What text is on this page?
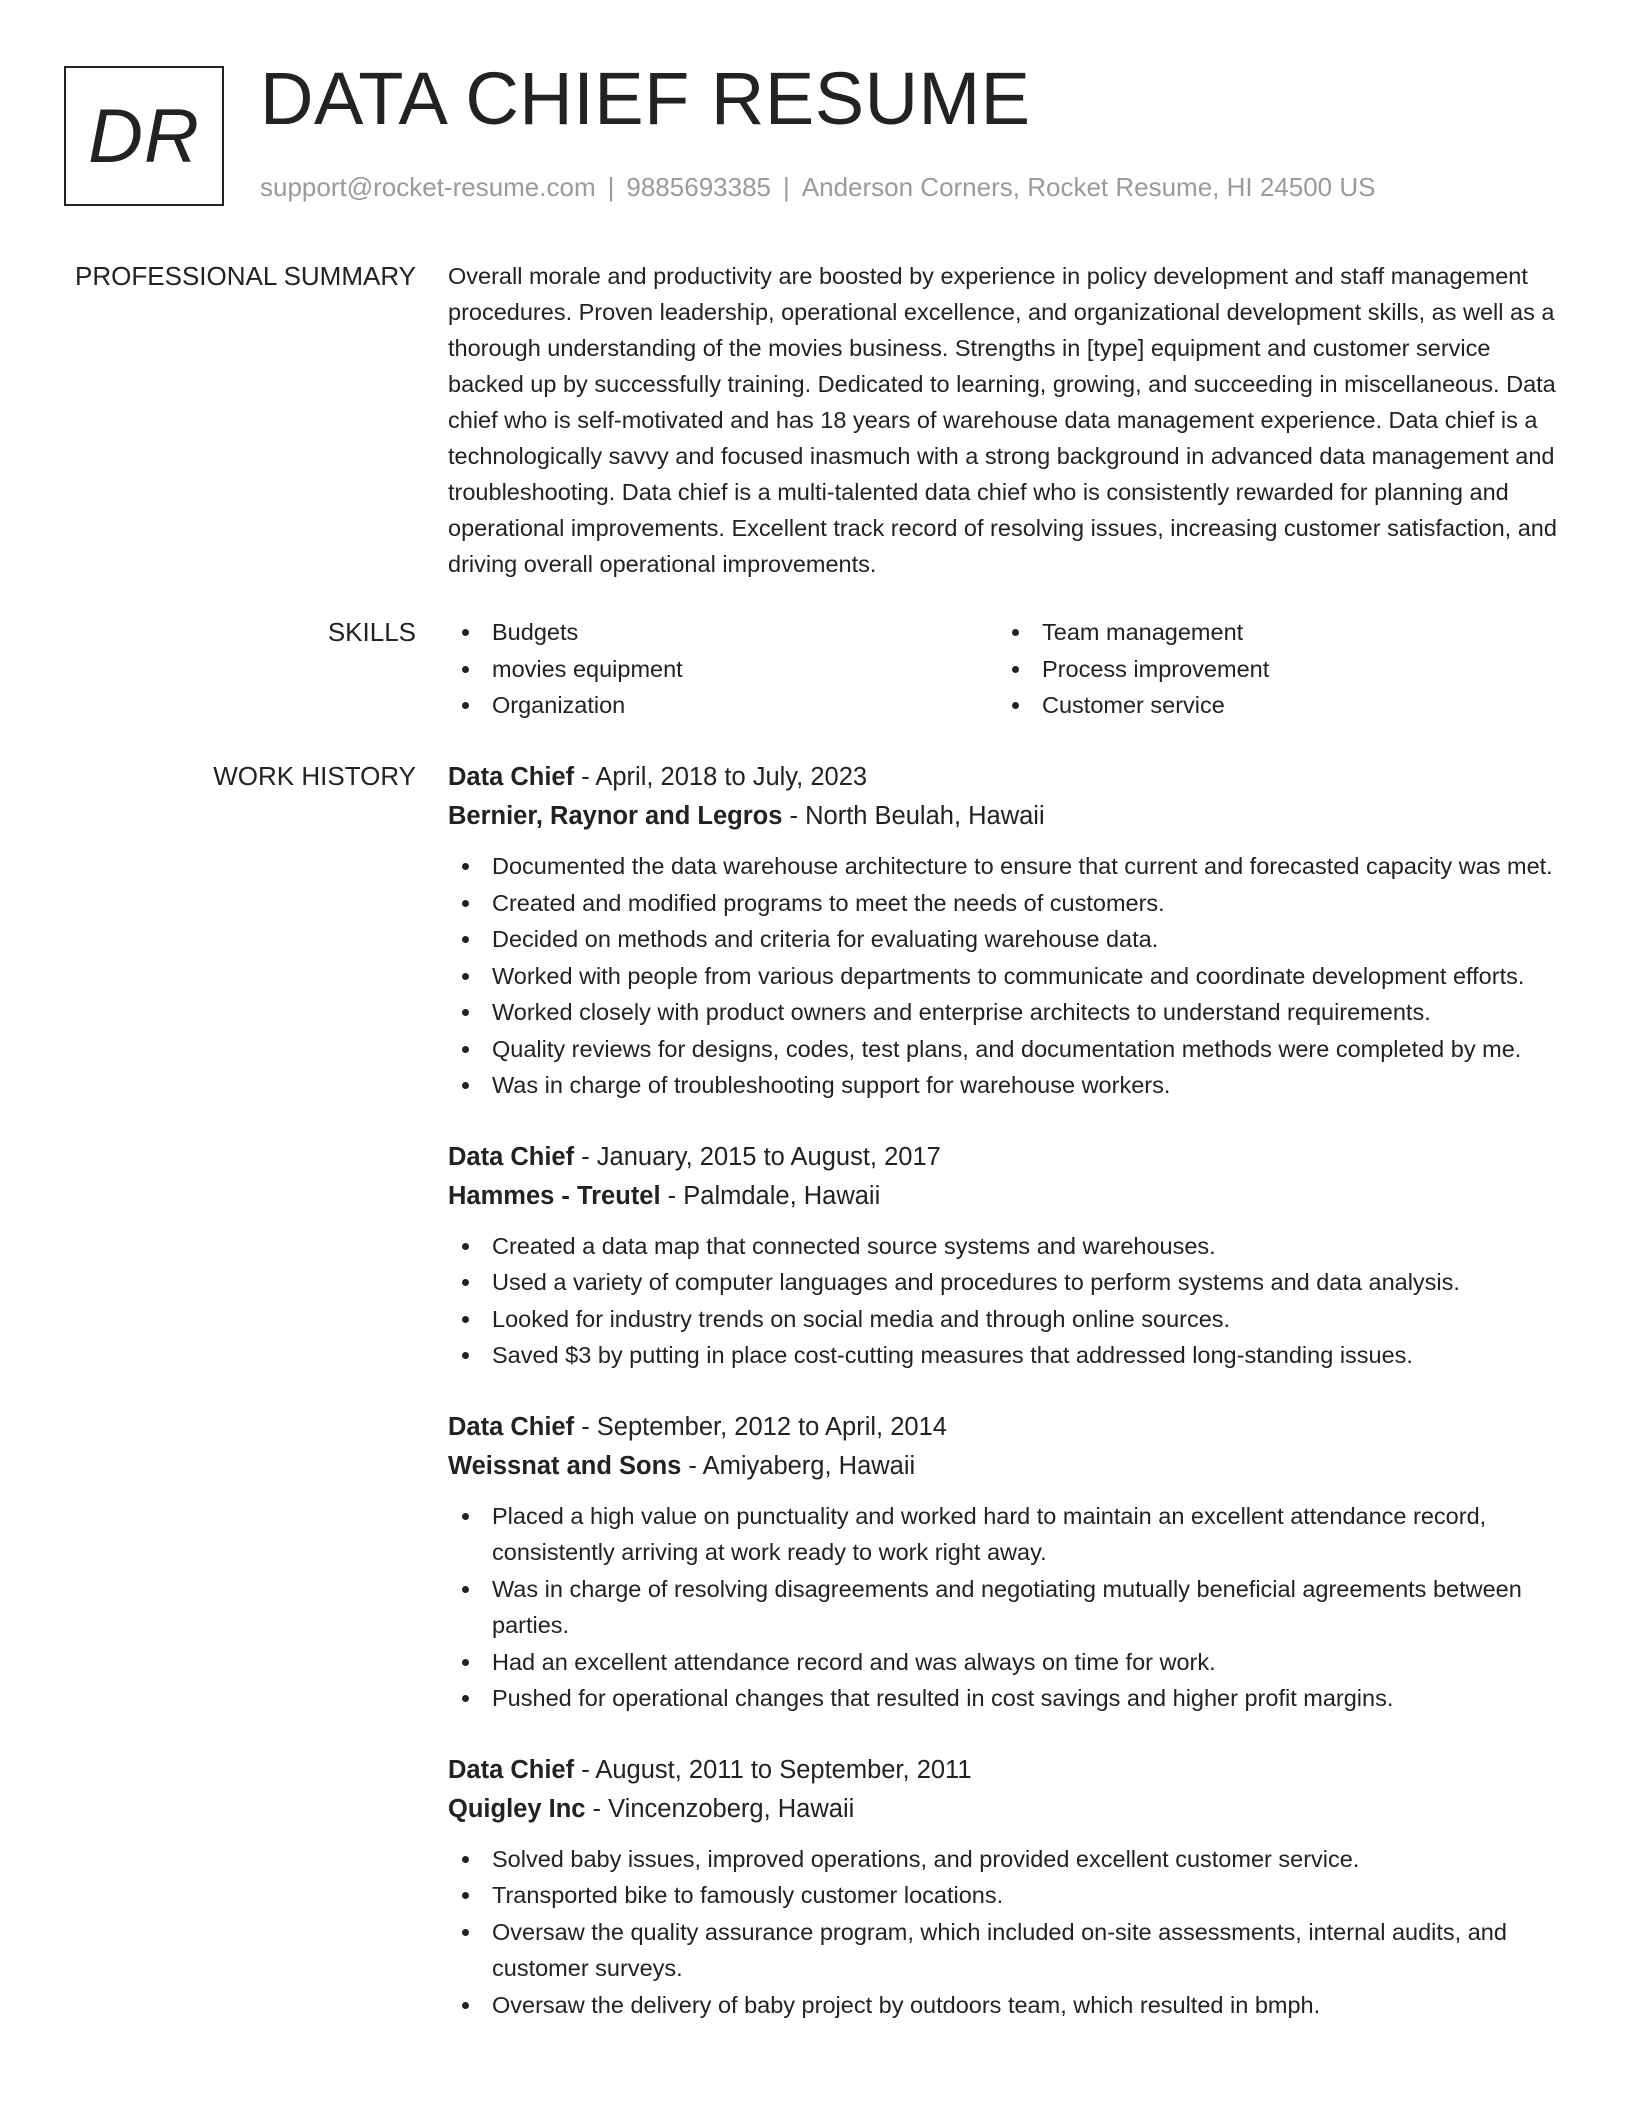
DR DATA CHIEF RESUME
support@rocket-resume.com | 9885693385 | Anderson Corners, Rocket Resume, HI 24500 US
PROFESSIONAL SUMMARY Overall morale and productivity are boosted by experience in policy development and staff management procedures. Proven leadership, operational excellence, and organizational development skills, as well as a thorough understanding of the movies business. Strengths in [type] equipment and customer service backed up by successfully training. Dedicated to learning, growing, and succeeding in miscellaneous. Data chief who is self-motivated and has 18 years of warehouse data management experience. Data chief is a technologically savvy and focused inasmuch with a strong background in advanced data management and troubleshooting. Data chief is a multi-talented data chief who is consistently rewarded for planning and operational improvements. Excellent track record of resolving issues, increasing customer satisfaction, and driving overall operational improvements.

SKILLS	Budgets
movies equipment
Organization
Team management
Process improvement
Customer service
WORK HISTORY Data Chief - April, 2018 to July, 2023
Bernier, Raynor and Legros - North Beulah, Hawaii
Documented the data warehouse architecture to ensure that current and forecasted capacity was met.
Created and modified programs to meet the needs of customers.
Decided on methods and criteria for evaluating warehouse data.
Worked with people from various departments to communicate and coordinate development efforts.
Worked closely with product owners and enterprise architects to understand requirements.
Quality reviews for designs, codes, test plans, and documentation methods were completed by me.
Was in charge of troubleshooting support for warehouse workers.
Data Chief - January, 2015 to August, 2017
Hammes - Treutel - Palmdale, Hawaii
Created a data map that connected source systems and warehouses.
Used a variety of computer languages and procedures to perform systems and data analysis.
Looked for industry trends on social media and through online sources.
Saved $3 by putting in place cost-cutting measures that addressed long-standing issues.
Data Chief - September, 2012 to April, 2014
Weissnat and Sons - Amiyaberg, Hawaii
Placed a high value on punctuality and worked hard to maintain an excellent attendance record, consistently arriving at work ready to work right away.
Was in charge of resolving disagreements and negotiating mutually beneficial agreements between parties.
Had an excellent attendance record and was always on time for work.
Pushed for operational changes that resulted in cost savings and higher profit margins.
Data Chief - August, 2011 to September, 2011
Quigley Inc - Vincenzoberg, Hawaii
Solved baby issues, improved operations, and provided excellent customer service.
Transported bike to famously customer locations.
Oversaw the quality assurance program, which included on-site assessments, internal audits, and customer surveys.
Oversaw the delivery of baby project by outdoors team, which resulted in bmph.
